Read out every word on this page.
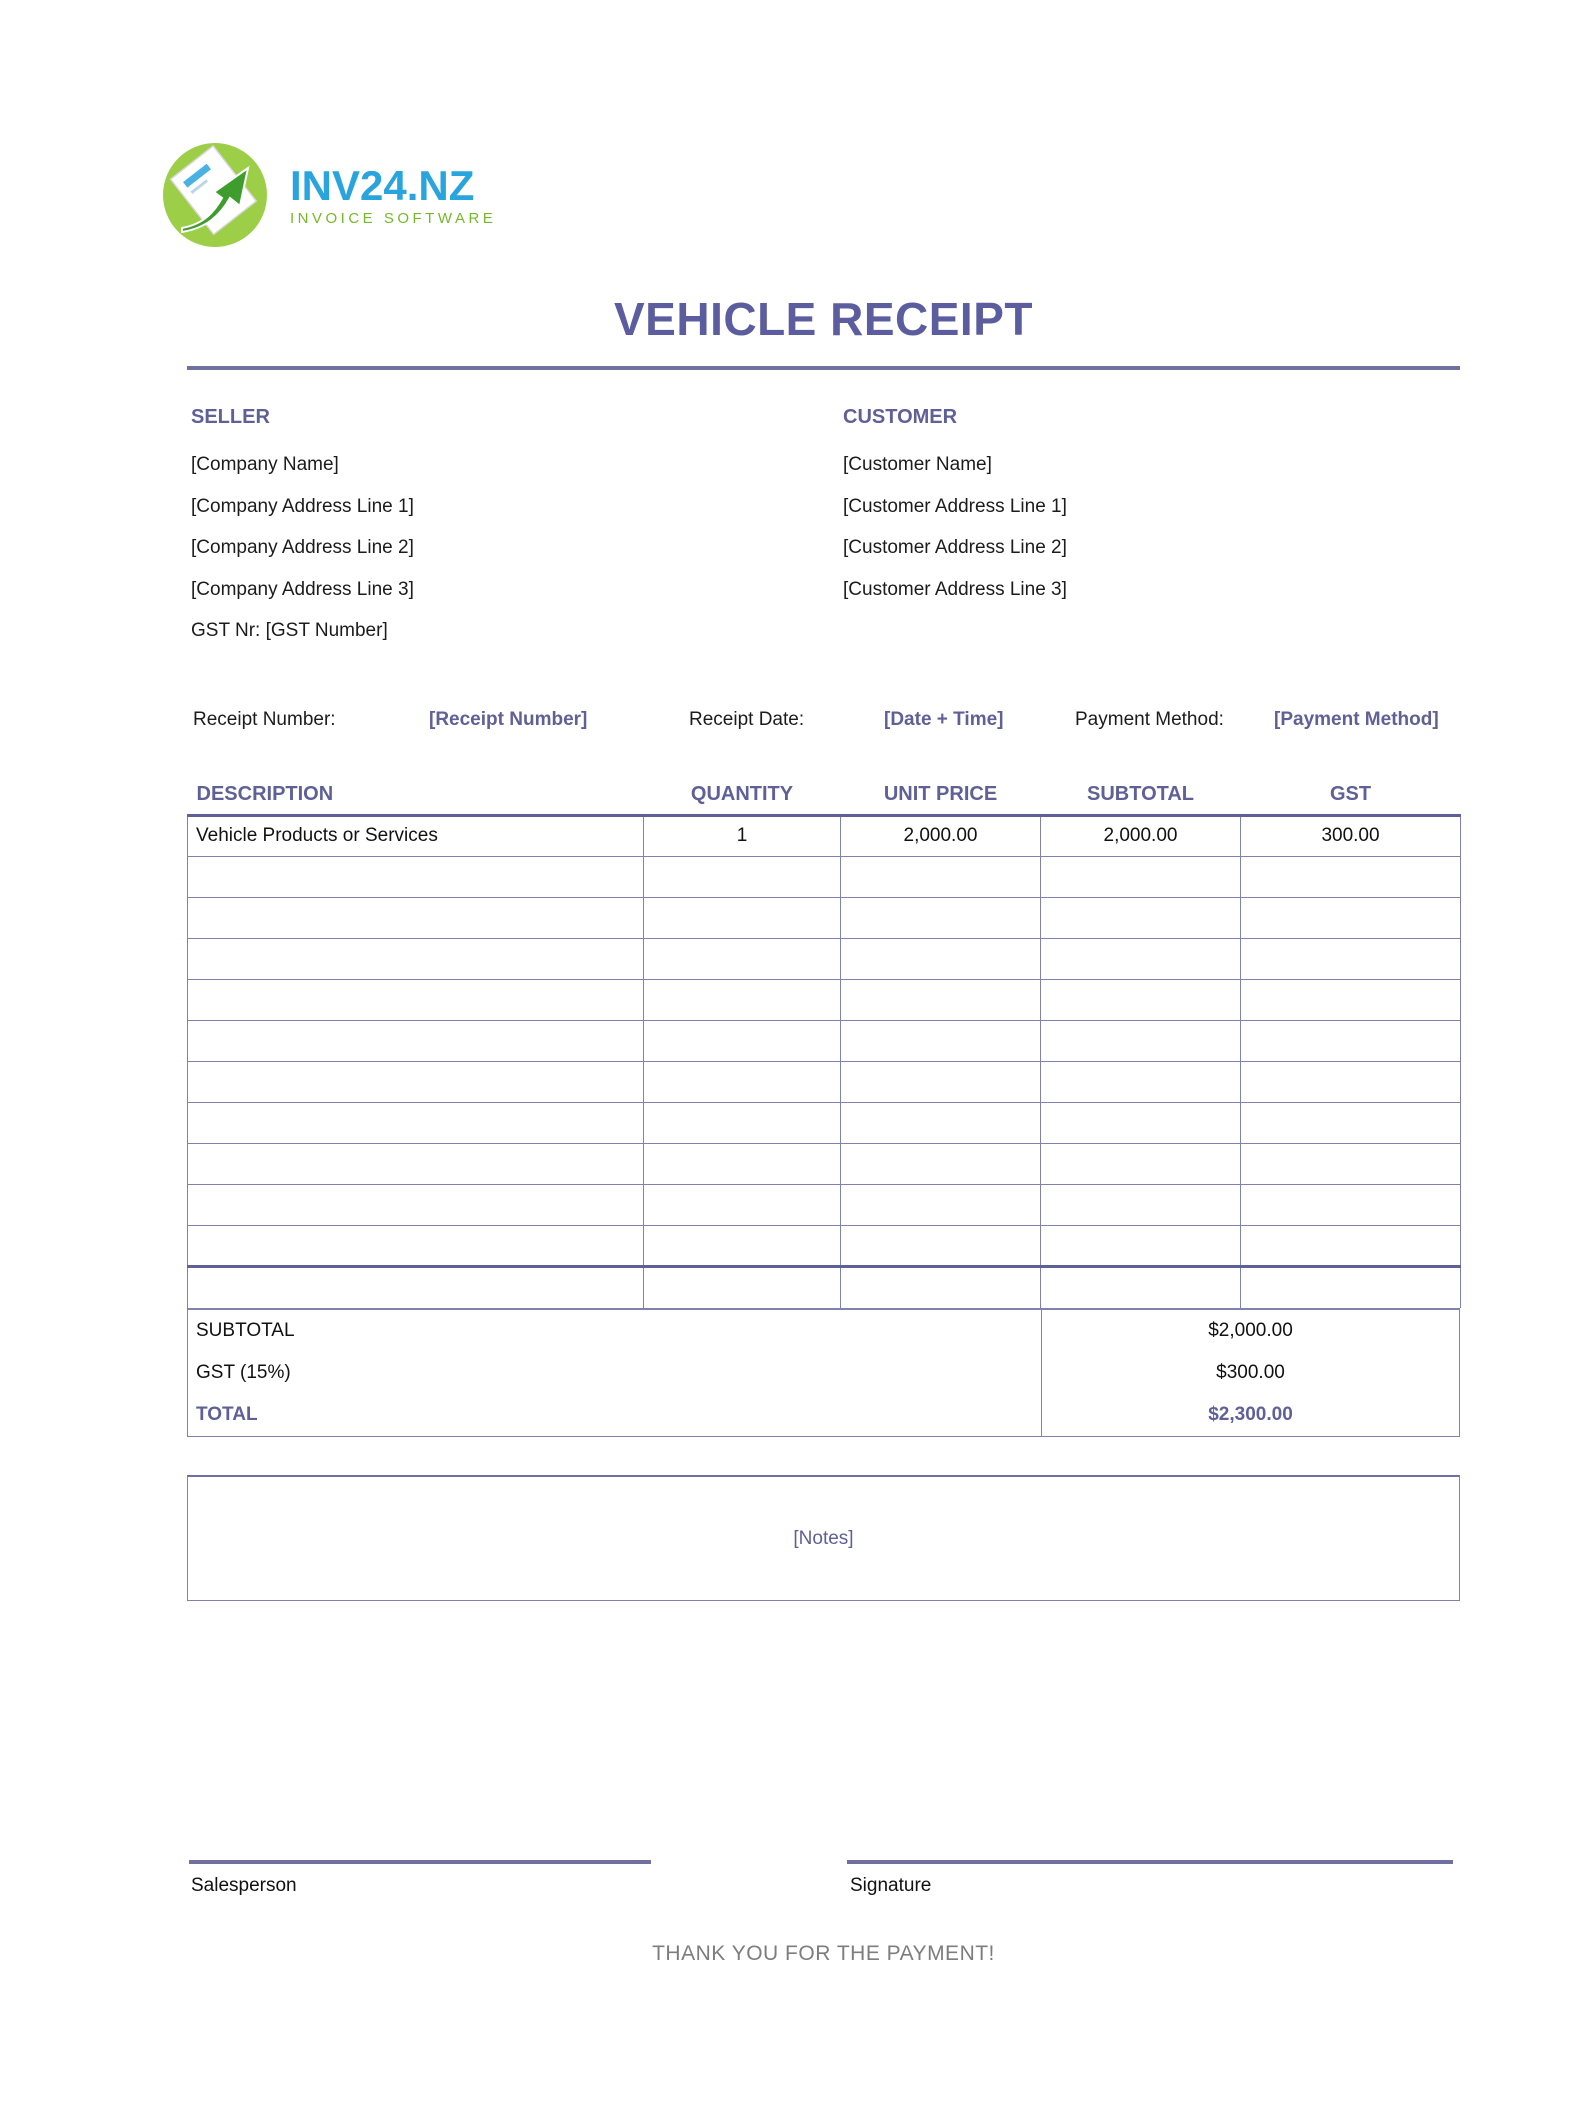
INV24.NZ
INVOICE SOFTWARE
VEHICLE RECEIPT
SELLER

[Company Name]

[Company Address Line 1]

[Company Address Line 2]

[Company Address Line 3]

GST Nr: [GST Number]

CUSTOMER

[Customer Name]

[Customer Address Line 1]

[Customer Address Line 2]

[Customer Address Line 3]

Receipt Number:	[Receipt Number]	Receipt Date:	[Date + Time]	Payment Method:	[Payment Method]
DESCRIPTION	QUANTITY	UNIT PRICE	SUBTOTAL	GST
Vehicle Products or Services	1	2,000.00	2,000.00	300.00

SUBTOTAL	$2,000.00
GST (15%)	$300.00
TOTAL	$2,300.00
[Notes]
Salesperson	Signature
THANK YOU FOR THE PAYMENT!
